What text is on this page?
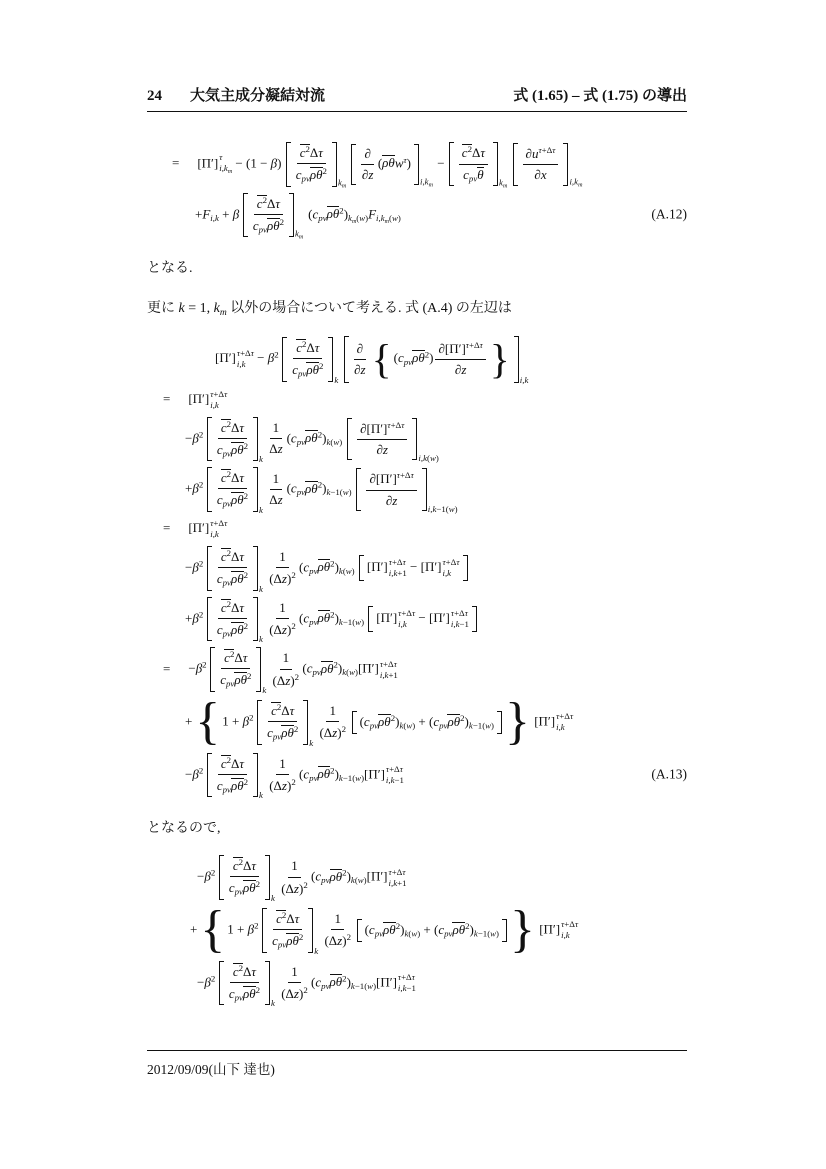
24 大気主成分凝結対流	式 (1.65) – 式 (1.75) の導出
= [Π′] τ
$i,k_m$
− (1 − β)
$c^2\Delta\tau$
$c_{pv}\rho\theta^2$
$k_m$
∂
∂z
(ρθw$^\tau$)
$i,k_m$
−
$c^2\Delta\tau$
$c_{pv}\theta$
$k_m$
$\frac{\partial u^{\tau+\Delta\tau}}{\partial x} i,k_m$
$+F_{i,k} + \beta$
$c^2\Delta\tau$
$c_{pv}\rho\theta^2$
$k_m$
$(c_{pv}\rho\theta^2)_{k_m(w)}F_{i,k_m(w)}$	(A.12)
となる.
更に k = 1, $k_m$ 以外の場合について考える. 式 (A.4) の左辺は
[Π′] τ+Δτ
$i,k - \beta^2$ $c^2\Delta\tau$
$c_{pv}\rho\theta^2$
k
∂
∂z { $(c_{pv}\rho\theta^2) \frac{\partial[\Pi']^{\tau+\Delta\tau}}{\partial z}$ } i,k
= [Π′] τ+Δτ
i,k
$-\beta^2$ $c^2\Delta\tau$
$c_{pv}\rho\theta^2$
k
$\frac{1}{\Delta z} (c_{pv}\rho\theta^2)_{k(w)} \frac{\partial[\Pi']^{\tau+\Delta\tau}}{\partial z} i,k(w)$
$+\beta^2$ $c^2\Delta\tau$
$c_{pv}\rho\theta^2$
k
$\frac{1}{\Delta z} (c_{pv}\rho\theta^2)_{k-1(w)} \frac{\partial[\Pi']^{\tau+\Delta\tau}}{\partial z} i,k-1(w)$
= [Π′] τ+Δτ
i,k
$-\beta^2$ $c^2\Delta\tau$
$c_{pv}\rho\theta^2$
k
$\frac{1}{(\Delta z)^2} (c_{pv}\rho\theta^2)_{k(w)}$ [Π′] τ+Δτ
i,k+1 − [Π′] τ+Δτ
i,k
$+\beta^2$ $c^2\Delta\tau$
$c_{pv}\rho\theta^2$
k
$\frac{1}{(\Delta z)^2} (c_{pv}\rho\theta^2)_{k-1(w)}$ [Π′] τ+Δτ
i,k − [Π′] τ+Δτ
i,k−1
= $-\beta^2$ $c^2\Delta\tau$
$c_{pv}\rho\theta^2$
k
$\frac{1}{(\Delta z)^2} (c_{pv}\rho\theta^2)_{k(w)}[\Pi']$ τ+Δτ
i,k+1
+ { $1 + \beta^2$ $c^2\Delta\tau$
$c_{pv}\rho\theta^2$
k
$\frac{1}{(\Delta z)^2} (c_{pv}\rho\theta^2)_{k(w)} + (c_{pv}\rho\theta^2)_{k-1(w)}$ } [Π′] τ+Δτ
i,k
$-\beta^2$ $c^2\Delta\tau$
$c_{pv}\rho\theta^2$
k
$\frac{1}{(\Delta z)^2} (c_{pv}\rho\theta^2)_{k-1(w)}[\Pi']$ τ+Δτ
i,k−1	(A.13)
となるので,
$-\beta^2$ $c^2\Delta\tau$
$c_{pv}\rho\theta^2$
k
$\frac{1}{(\Delta z)^2} (c_{pv}\rho\theta^2)_{k(w)}[\Pi']$ τ+Δτ
i,k+1
+ { $1 + \beta^2$ $c^2\Delta\tau$
$c_{pv}\rho\theta^2$
k
$\frac{1}{(\Delta z)^2} (c_{pv}\rho\theta^2)_{k(w)} + (c_{pv}\rho\theta^2)_{k-1(w)}$ } [Π′] τ+Δτ
i,k
$-\beta^2$ $c^2\Delta\tau$
$c_{pv}\rho\theta^2$
k
$\frac{1}{(\Delta z)^2} (c_{pv}\rho\theta^2)_{k-1(w)}[\Pi']$ τ+Δτ
i,k−1
2012/09/09(山下 達也)
